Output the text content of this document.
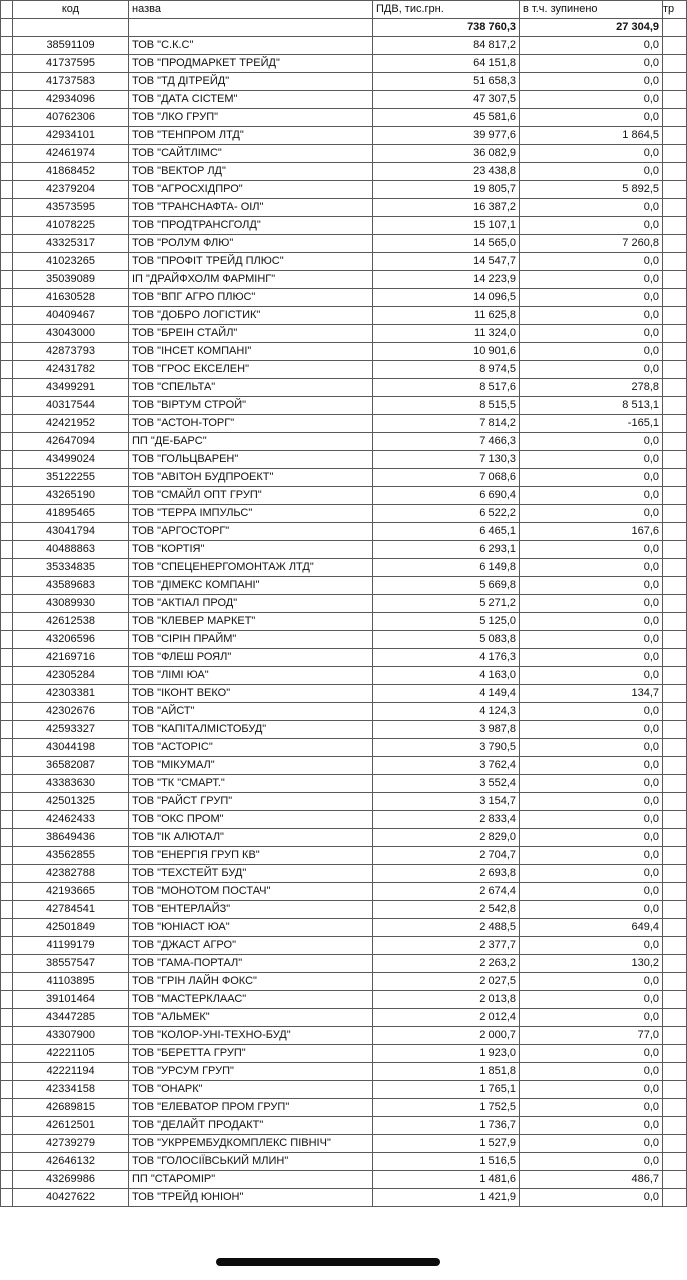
	код	назва	ПДВ, тис.грн.	в т.ч. зупинено	тр
			738 760,3	27 304,9	
	38591109	ТОВ "С.К.С"	84 817,2	0,0	
	41737595	ТОВ "ПРОДМАРКЕТ ТРЕЙД"	64 151,8	0,0	
	41737583	ТОВ "ТД ДІТРЕЙД"	51 658,3	0,0	
	42934096	ТОВ "ДАТА СІСТЕМ"	47 307,5	0,0	
	40762306	ТОВ "ЛКО ГРУП"	45 581,6	0,0	
	42934101	ТОВ "ТЕНПРОМ ЛТД"	39 977,6	1 864,5	
	42461974	ТОВ "САЙТЛІМС"	36 082,9	0,0	
	41868452	ТОВ "ВЕКТОР ЛД"	23 438,8	0,0	
	42379204	ТОВ "АГРОСХІДПРО"	19 805,7	5 892,5	
	43573595	ТОВ "ТРАНСНАФТА- ОІЛ"	16 387,2	0,0	
	41078225	ТОВ "ПРОДТРАНСГОЛД"	15 107,1	0,0	
	43325317	ТОВ "РОЛУМ ФЛЮ"	14 565,0	7 260,8	
	41023265	ТОВ "ПРОФІТ ТРЕЙД ПЛЮС"	14 547,7	0,0	
	35039089	ІП "ДРАЙФХОЛМ ФАРМІНГ"	14 223,9	0,0	
	41630528	ТОВ "ВПГ АГРО ПЛЮС"	14 096,5	0,0	
	40409467	ТОВ "ДОБРО ЛОГІСТИК"	11 625,8	0,0	
	43043000	ТОВ "БРЕІН СТАЙЛ"	11 324,0	0,0	
	42873793	ТОВ "ІНСЕТ КОМПАНІ"	10 901,6	0,0	
	42431782	ТОВ "ГРОС ЕКСЕЛЕН"	8 974,5	0,0	
	43499291	ТОВ "СПЕЛЬТА"	8 517,6	278,8	
	40317544	ТОВ "ВІРТУМ СТРОЙ"	8 515,5	8 513,1	
	42421952	ТОВ "АСТОН-ТОРГ"	7 814,2	-165,1	
	42647094	ПП "ДЕ-БАРС"	7 466,3	0,0	
	43499024	ТОВ "ГОЛЬЦВАРЕН"	7 130,3	0,0	
	35122255	ТОВ "АВІТОН БУДПРОЕКТ"	7 068,6	0,0	
	43265190	ТОВ "СМАЙЛ ОПТ ГРУП"	6 690,4	0,0	
	41895465	ТОВ "ТЕРРА ІМПУЛЬС"	6 522,2	0,0	
	43041794	ТОВ "АРГОСТОРГ"	6 465,1	167,6	
	40488863	ТОВ "КОРТІЯ"	6 293,1	0,0	
	35334835	ТОВ "СПЕЦЕНЕРГОМОНТАЖ ЛТД"	6 149,8	0,0	
	43589683	ТОВ "ДІМЕКС КОМПАНІ"	5 669,8	0,0	
	43089930	ТОВ "АКТІАЛ ПРОД"	5 271,2	0,0	
	42612538	ТОВ "КЛЕВЕР МАРКЕТ"	5 125,0	0,0	
	43206596	ТОВ "СІРІН ПРАЙМ"	5 083,8	0,0	
	42169716	ТОВ "ФЛЕШ РОЯЛ"	4 176,3	0,0	
	42305284	ТОВ "ЛІМІ ЮА"	4 163,0	0,0	
	42303381	ТОВ "ІКОНТ ВЕКО"	4 149,4	134,7	
	42302676	ТОВ "АЙСТ"	4 124,3	0,0	
	42593327	ТОВ "КАПІТАЛМІСТОБУД"	3 987,8	0,0	
	43044198	ТОВ "АСТОРІС"	3 790,5	0,0	
	36582087	ТОВ "МІКУМАЛ"	3 762,4	0,0	
	43383630	ТОВ "ТК "СМАРТ."	3 552,4	0,0	
	42501325	ТОВ "РАЙСТ ГРУП"	3 154,7	0,0	
	42462433	ТОВ "ОКС ПРОМ"	2 833,4	0,0	
	38649436	ТОВ "ІК АЛЮТАЛ"	2 829,0	0,0	
	43562855	ТОВ "ЕНЕРГІЯ ГРУП КВ"	2 704,7	0,0	
	42382788	ТОВ "ТЕХСТЕЙТ БУД"	2 693,8	0,0	
	42193665	ТОВ "МОНОТОМ ПОСТАЧ"	2 674,4	0,0	
	42784541	ТОВ "ЕНТЕРЛАЙЗ"	2 542,8	0,0	
	42501849	ТОВ "ЮНІАСТ ЮА"	2 488,5	649,4	
	41199179	ТОВ "ДЖАСТ АГРО"	2 377,7	0,0	
	38557547	ТОВ "ГАМА-ПОРТАЛ"	2 263,2	130,2	
	41103895	ТОВ "ГРІН ЛАЙН ФОКС"	2 027,5	0,0	
	39101464	ТОВ "МАСТЕРКЛААС"	2 013,8	0,0	
	43447285	ТОВ "АЛЬМЕК"	2 012,4	0,0	
	43307900	ТОВ "КОЛОР-УНІ-ТЕХНО-БУД"	2 000,7	77,0	
	42221105	ТОВ "БЕРЕТТА ГРУП"	1 923,0	0,0	
	42221194	ТОВ "УРСУМ ГРУП"	1 851,8	0,0	
	42334158	ТОВ "ОНАРК"	1 765,1	0,0	
	42689815	ТОВ "ЕЛЕВАТОР ПРОМ ГРУП"	1 752,5	0,0	
	42612501	ТОВ "ДЕЛАЙТ ПРОДАКТ"	1 736,7	0,0	
	42739279	ТОВ "УКРРЕМБУДКОМПЛЕКС ПІВНІЧ"	1 527,9	0,0	
	42646132	ТОВ "ГОЛОСІЇВСЬКИЙ МЛИН"	1 516,5	0,0	
	43269986	ПП "СТАРОМІР"	1 481,6	486,7	
	40427622	ТОВ "ТРЕЙД ЮНІОН"	1 421,9	0,0	
